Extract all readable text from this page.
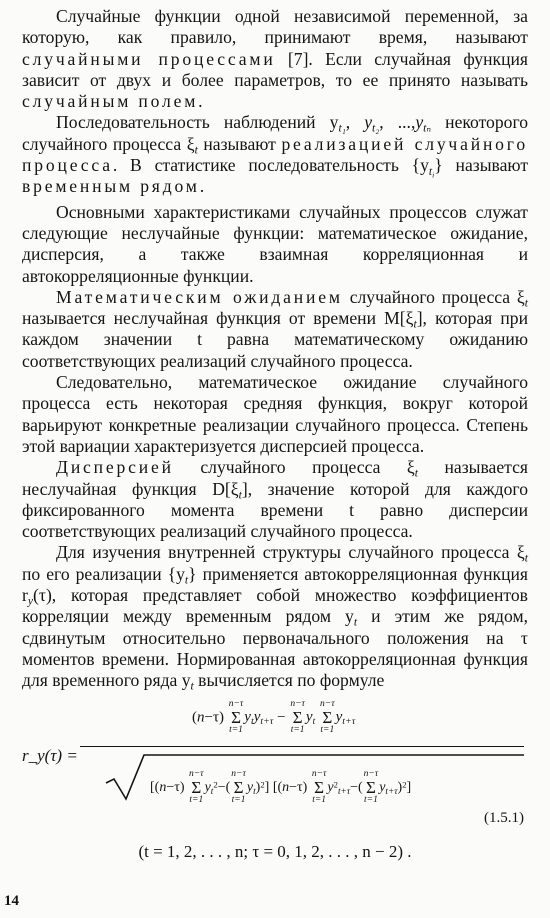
Случайные функции одной независимой переменной, за которую, как правило, принимают время, называют случайными процессами [7]. Если случайная функция зависит от двух и более параметров, то ее принято называть случайным полем.

Последовательность наблюдений $y_{t_1}$, $y_{t_2}$, $...,y_{t_n}$ некоторого случайного процесса $\xi_t$ называют реализацией случайного процесса. В статистике последовательность $\{y_{t_i}\}$ называют временным рядом.

Основными характеристиками случайных процессов служат следующие неслучайные функции: математическое ожидание, дисперсия, а также взаимная корреляционная и автокорреляционные функции.

Математическим ожиданием случайного процесса $\xi_t$ называется неслучайная функция от времени $M[\xi_t]$, которая при каждом значении t равна математическому ожиданию соответствующих реализаций случайного процесса.

Следовательно, математическое ожидание случайного процесса есть некоторая средняя функция, вокруг которой варьируют конкретные реализации случайного процесса. Степень этой вариации характеризуется дисперсией процесса.

Дисперсией случайного процесса $\xi_t$ называется неслучайная функция $D[\xi_t]$, значение которой для каждого фиксированного момента времени t равно дисперсии соответствующих реализаций случайного процесса.

Для изучения внутренней структуры случайного процесса $\xi_t$ по его реализации $\{y_t\}$ применяется автокорреляционная функция $r_y(\tau)$, которая представляет собой множество коэффициентов корреляции между временным рядом $y_t$ и этим же рядом, сдвинутым относительно первоначального положения на τ моментов времени. Нормированная автокорреляционная функция для временного ряда $y_t$ вычисляется по формуле

r_y(τ) =
(n−τ)
n−τ
Σ
t=1
$y_ty_{t+\tau}$ −
n−τ
Σ
t=1
$y_t$
n−τ
Σ
t=1
$y_{t+\tau}$
[(n−τ)
n−τ
Σ
t=1
$y_t^2-$(
n−τ
Σ
t=1
$y_t)^2$] [(n−τ)
n−τ
Σ
t=1
$y^2_{t+\tau}-$(
n−τ
Σ
t=1
$y_{t+\tau})^2$]
(1.5.1)
(t = 1, 2, . . . , n; τ = 0, 1, 2, . . . , n − 2) .
14
